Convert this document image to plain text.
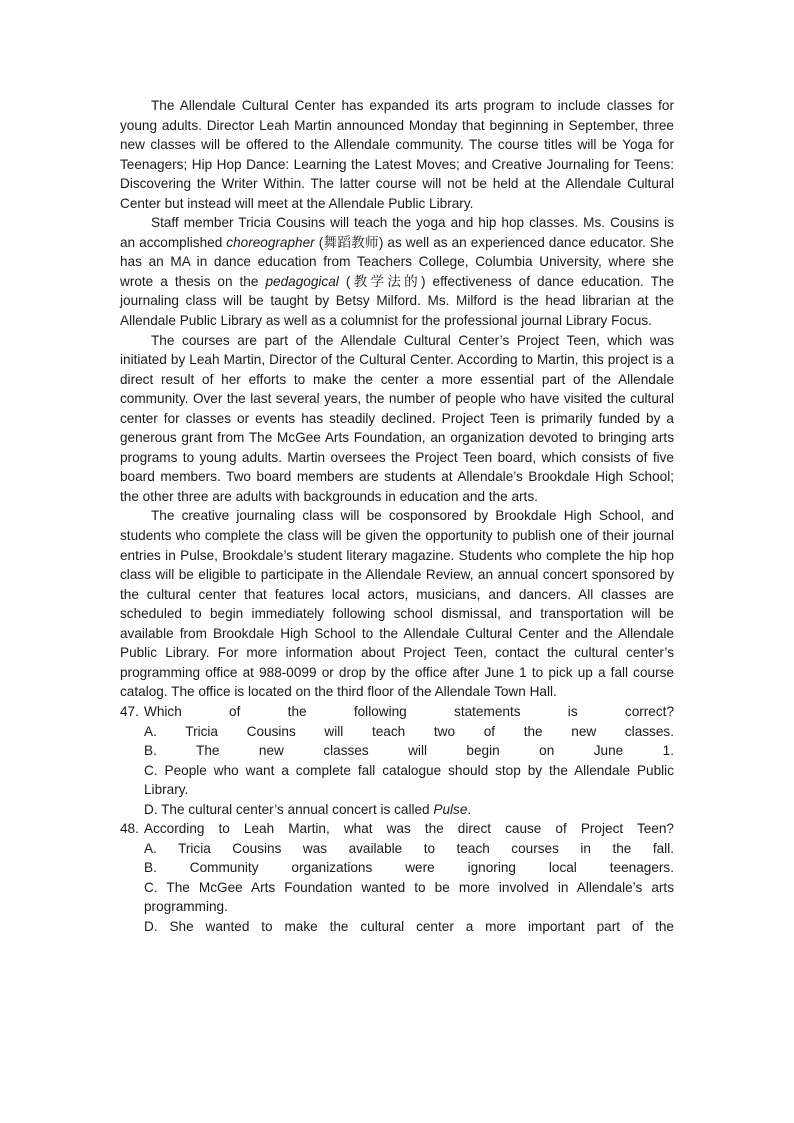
The Allendale Cultural Center has expanded its arts program to include classes for young adults. Director Leah Martin announced Monday that beginning in September, three new classes will be offered to the Allendale community. The course titles will be Yoga for Teenagers; Hip Hop Dance: Learning the Latest Moves; and Creative Journaling for Teens: Discovering the Writer Within. The latter course will not be held at the Allendale Cultural Center but instead will meet at the Allendale Public Library.

Staff member Tricia Cousins will teach the yoga and hip hop classes. Ms. Cousins is an accomplished choreographer (舞蹈教师) as well as an experienced dance educator. She has an MA in dance education from Teachers College, Columbia University, where she wrote a thesis on the pedagogical (教学法的) effectiveness of dance education. The journaling class will be taught by Betsy Milford. Ms. Milford is the head librarian at the Allendale Public Library as well as a columnist for the professional journal Library Focus.

The courses are part of the Allendale Cultural Center’s Project Teen, which was initiated by Leah Martin, Director of the Cultural Center. According to Martin, this project is a direct result of her efforts to make the center a more essential part of the Allendale community. Over the last several years, the number of people who have visited the cultural center for classes or events has steadily declined. Project Teen is primarily funded by a generous grant from The McGee Arts Foundation, an organization devoted to bringing arts programs to young adults. Martin oversees the Project Teen board, which consists of five board members. Two board members are students at Allendale’s Brookdale High School; the other three are adults with backgrounds in education and the arts.

The creative journaling class will be cosponsored by Brookdale High School, and students who complete the class will be given the opportunity to publish one of their journal entries in Pulse, Brookdale’s student literary magazine. Students who complete the hip hop class will be eligible to participate in the Allendale Review, an annual concert sponsored by the cultural center that features local actors, musicians, and dancers. All classes are scheduled to begin immediately following school dismissal, and transportation will be available from Brookdale High School to the Allendale Cultural Center and the Allendale Public Library. For more information about Project Teen, contact the cultural center’s programming office at 988-0099 or drop by the office after June 1 to pick up a fall course catalog. The office is located on the third floor of the Allendale Town Hall.

47. Which of the following statements is correct?

A. Tricia Cousins will teach two of the new classes.

B. The new classes will begin on June 1.

C. People who want a complete fall catalogue should stop by the Allendale Public Library.

D. The cultural center’s annual concert is called Pulse.

48. According to Leah Martin, what was the direct cause of Project Teen?

A. Tricia Cousins was available to teach courses in the fall.

B. Community organizations were ignoring local teenagers.

C. The McGee Arts Foundation wanted to be more involved in Allendale’s arts programming.

D. She wanted to make the cultural center a more important part of the
